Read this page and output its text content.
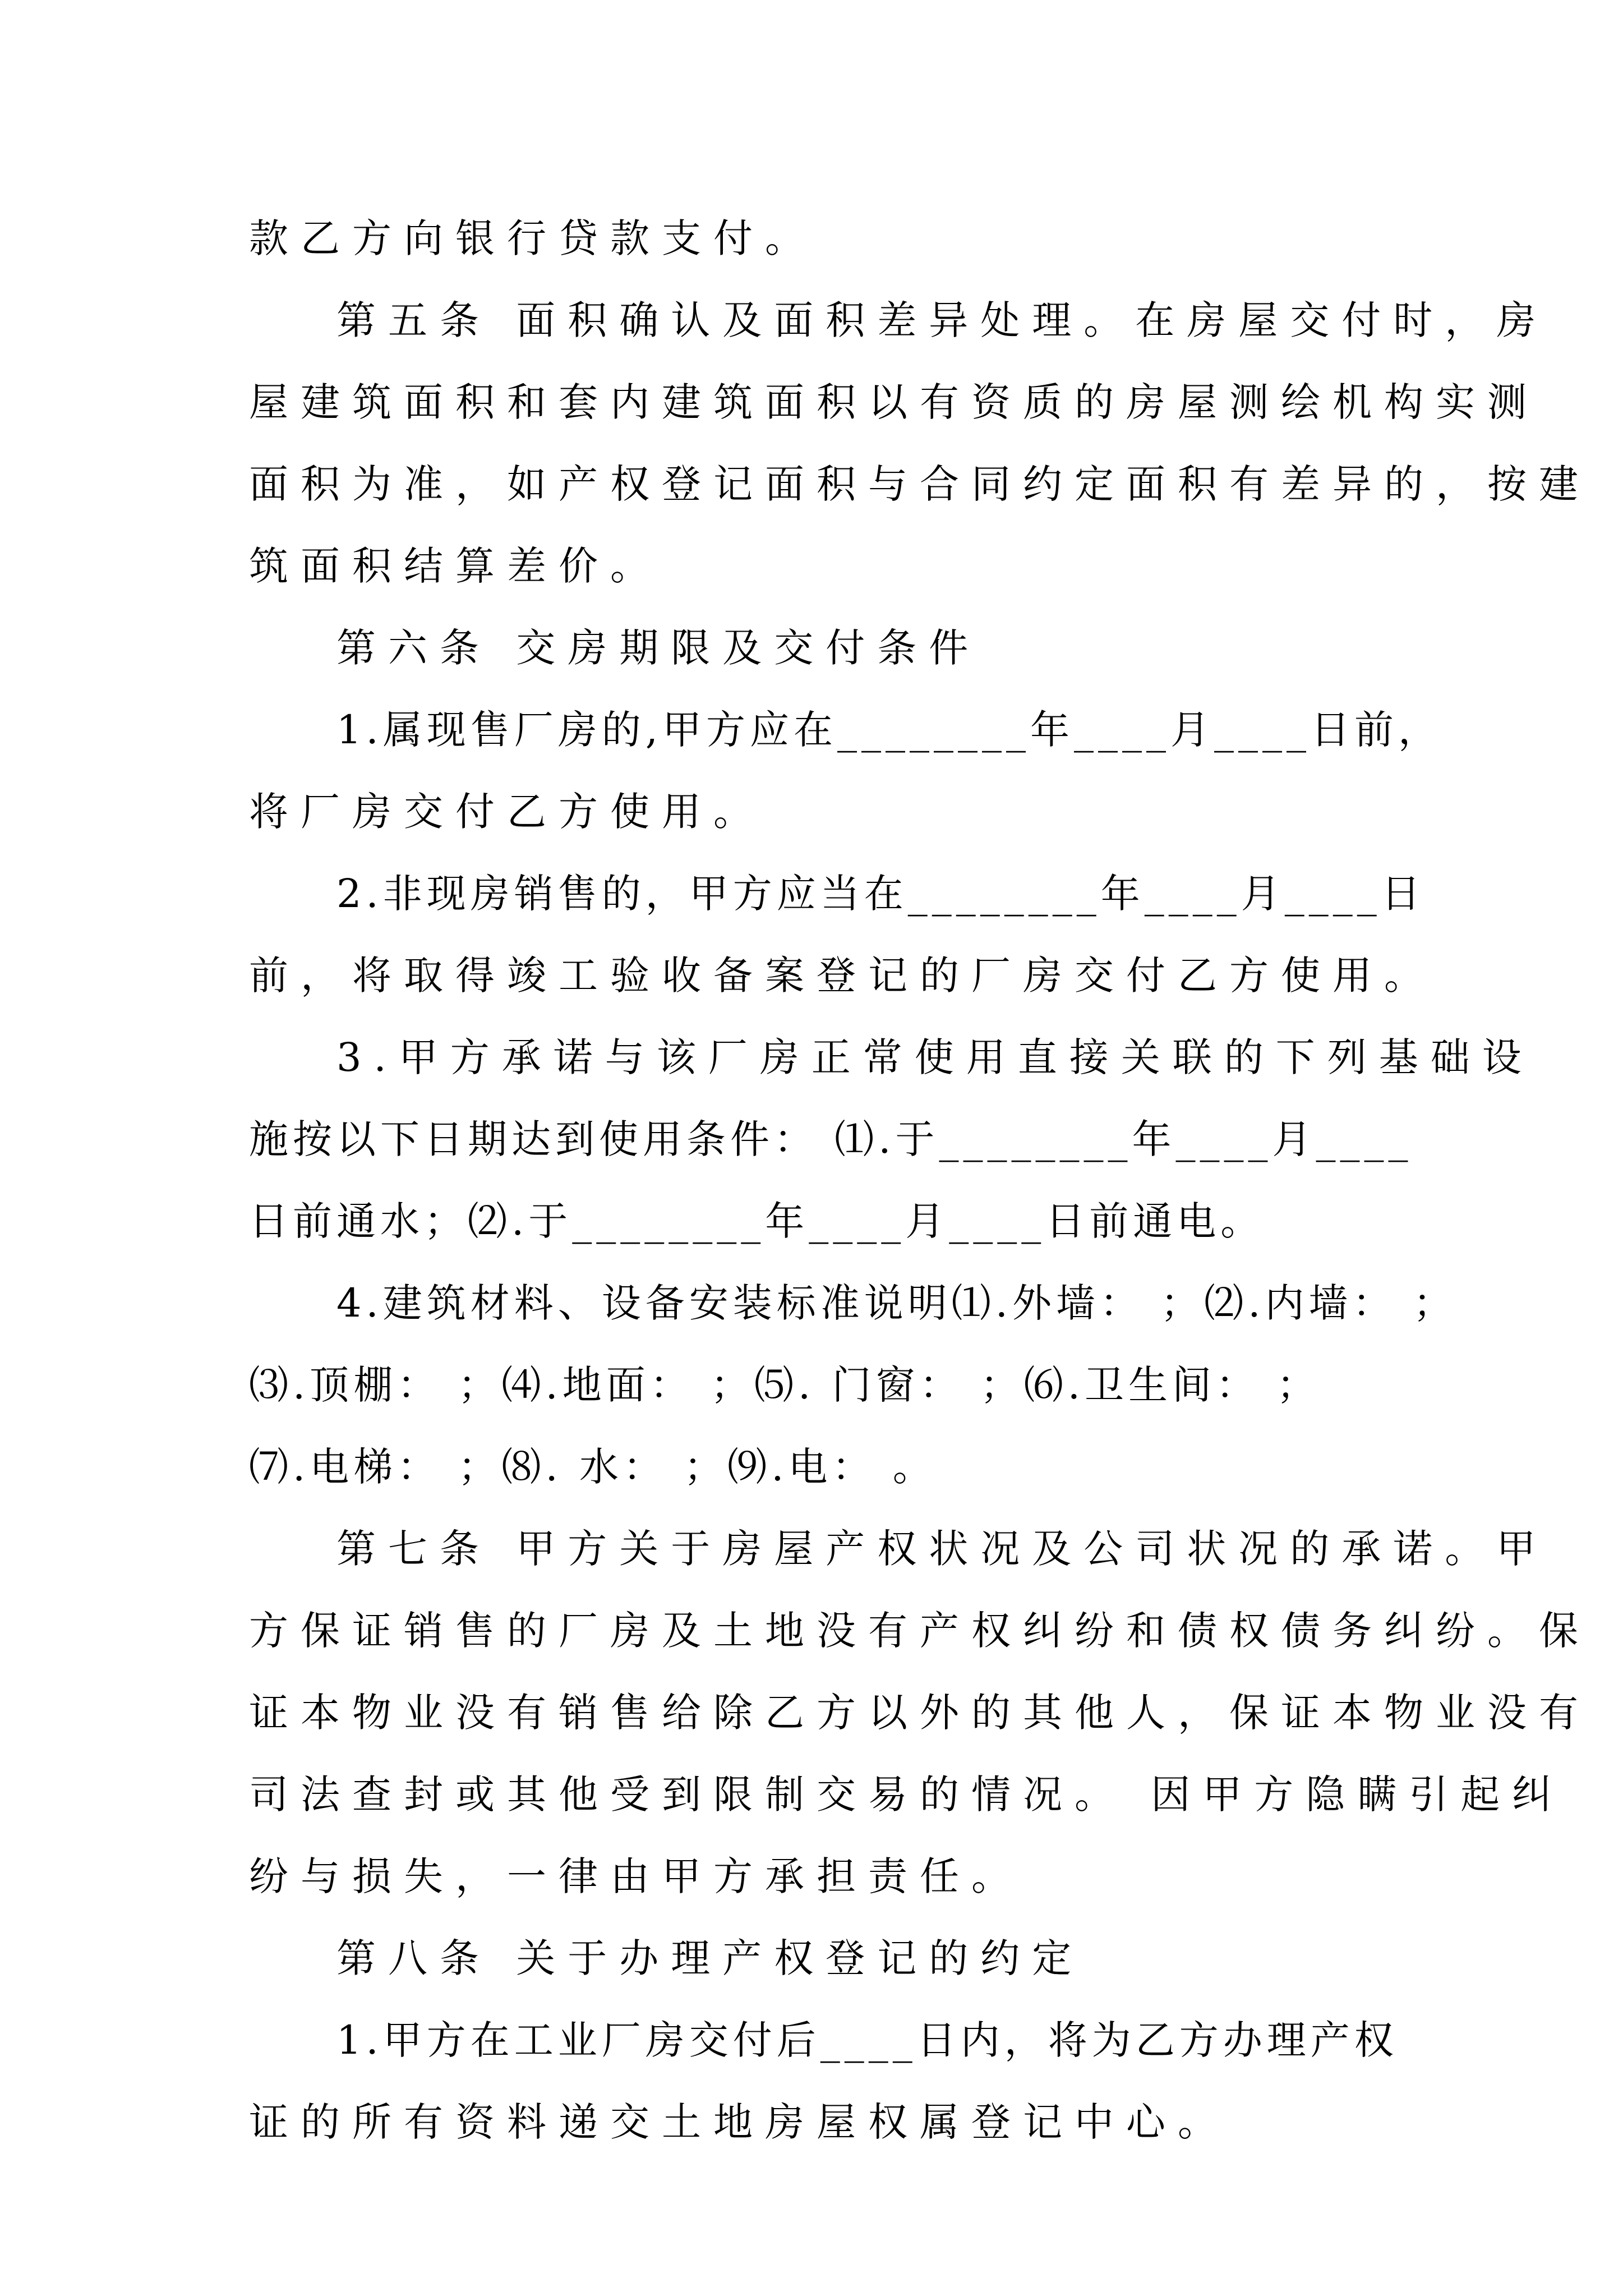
款乙方向银行贷款支付。
第五条 面积确认及面积差异处理。在房屋交付时，房
屋建筑面积和套内建筑面积以有资质的房屋测绘机构实测
面积为准，如产权登记面积与合同约定面积有差异的，按建
筑面积结算差价。
第六条 交房期限及交付条件
1.属现售厂房的,甲方应在________年____月____日前，
将厂房交付乙方使用。
2.非现房销售的，甲方应当在________年____月____日
前，将取得竣工验收备案登记的厂房交付乙方使用。
3.甲方承诺与该厂房正常使用直接关联的下列基础设
施按以下日期达到使用条件： ⑴.于________年____月____
日前通水；⑵.于________年____月____日前通电。
4.建筑材料、设备安装标准说明⑴.外墙： ；⑵.内墙： ；
⑶.顶棚： ；⑷.地面： ；⑸. 门窗： ；⑹.卫生间： ；
⑺.电梯： ；⑻. 水： ；⑼.电： 。
第七条 甲方关于房屋产权状况及公司状况的承诺。甲
方保证销售的厂房及土地没有产权纠纷和债权债务纠纷。保
证本物业没有销售给除乙方以外的其他人，保证本物业没有
司法查封或其他受到限制交易的情况。 因甲方隐瞒引起纠
纷与损失，一律由甲方承担责任。
第八条 关于办理产权登记的约定
1.甲方在工业厂房交付后____日内，将为乙方办理产权
证的所有资料递交土地房屋权属登记中心。
